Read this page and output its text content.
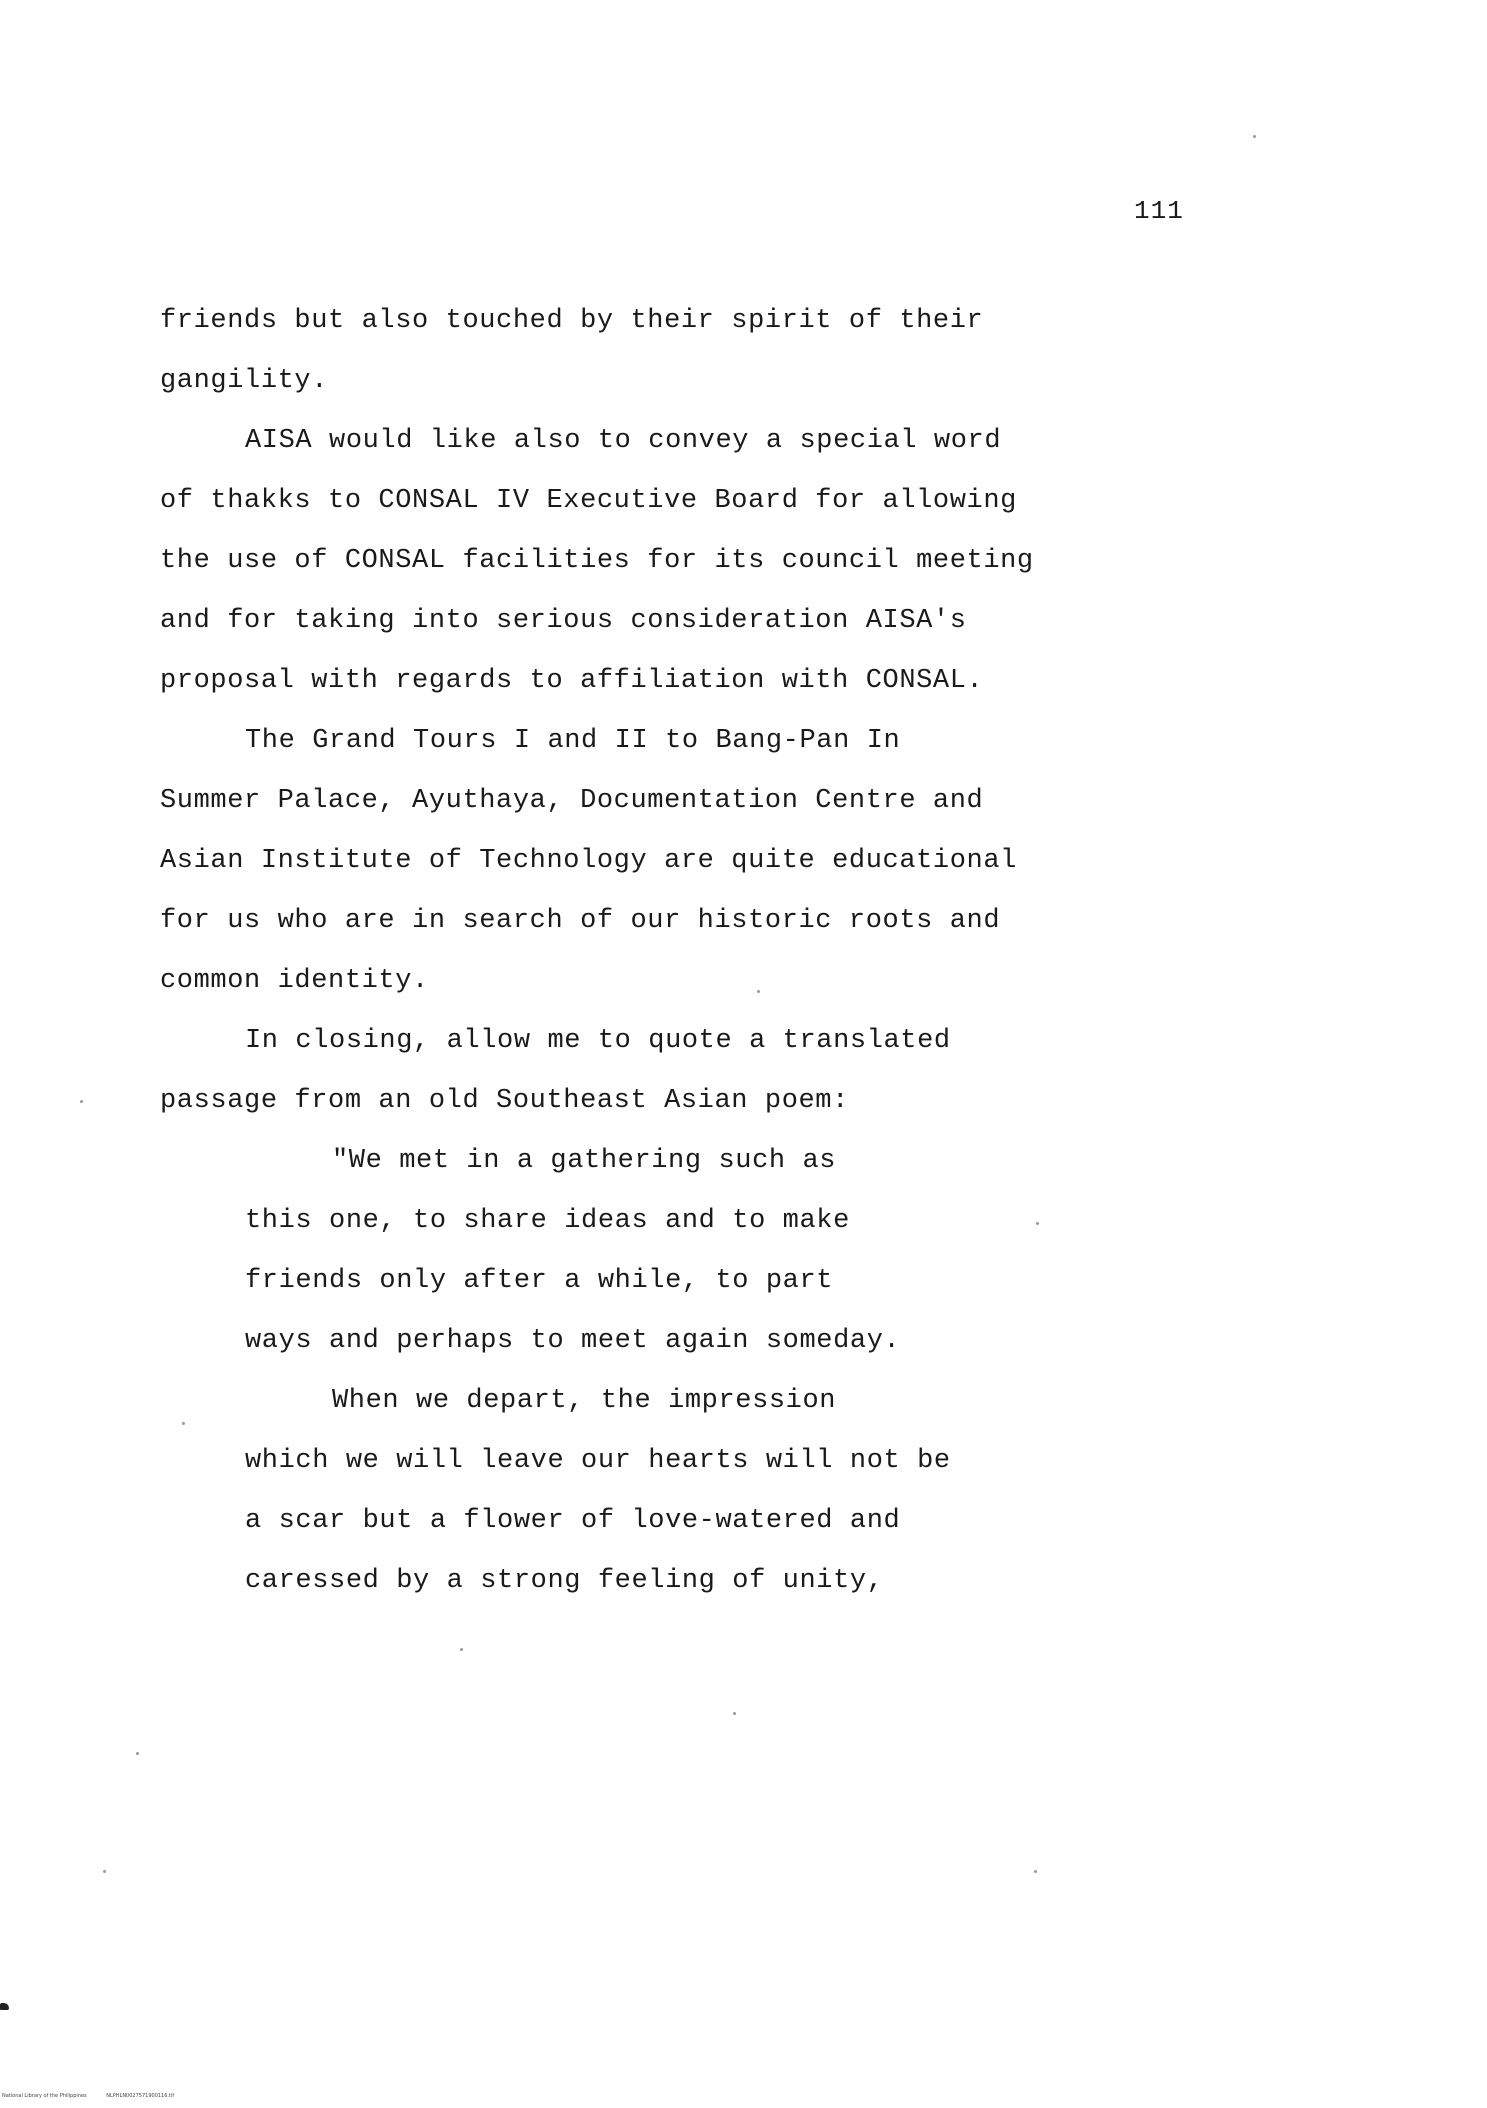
111
friends but also touched by their spirit of their
gangility.
AISA would like also to convey a special word
of thakks to CONSAL IV Executive Board for allowing
the use of CONSAL facilities for its council meeting
and for taking into serious consideration AISA's
proposal with regards to affiliation with CONSAL.
The Grand Tours I and II to Bang-Pan In
Summer Palace, Ayuthaya, Documentation Centre and
Asian Institute of Technology are quite educational
for us who are in search of our historic roots and
common identity.
In closing, allow me to quote a translated
passage from an old Southeast Asian poem:
"We met in a gathering such as
this one, to share ideas and to make
friends only after a while, to part
ways and perhaps to meet again someday.
When we depart, the impression
which we will leave our hearts will not be
a scar but a flower of love-watered and
caressed by a strong feeling of unity,
National Library of the Philippines	NLPHLN0027571900116.tif
